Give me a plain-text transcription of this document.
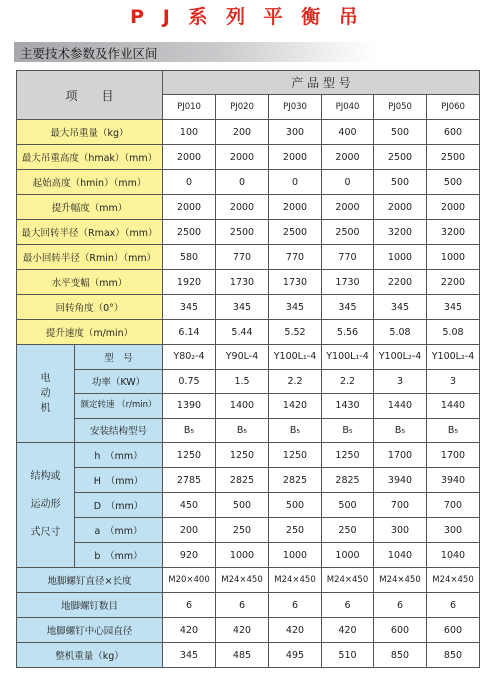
P J 系 列 平 衡 吊
主要技术参数及作业区间
项　　目		产 品 型 号					
		PJ010	PJ020	PJ030	PJ040	PJ050	PJ060
最大吊重量（kg）		100	200	300	400	500	600
最大吊重高度（hmak）（mm）		2000	2000	2000	2000	2500	2500
起始高度（hmin）（mm）		0	0	0	0	500	500
提升幅度（mm）		2000	2000	2000	2000	2000	2000
最大回转半径（Rmax）（mm）		2500	2500	2500	2500	3200	3200
最小回转半径（Rmin）（mm）		580	770	770	770	1000	1000
水平变幅（mm）		1920	1730	1730	1730	2200	2200
回转角度（0°）		345	345	345	345	345	345
提升速度（m/min）		6.14	5.44	5.52	5.56	5.08	5.08

电
动
机	型　号	Y80₂-4	Y90L-4	Y100L₁-4	Y100L₁-4	Y100L₂-4	Y100L₂-4
	功率（KW）	0.75	1.5	2.2	2.2	3	3
	额定转速 （r/min）	1390	1400	1420	1430	1440	1440
	安装结构型号	B₅	B₅	B₅	B₅	B₅	B₅

结构或
运动形
式尺寸	h　（mm）	1250	1250	1250	1250	1700	1700
	H　（mm）	2785	2825	2825	2825	3940	3940
	D　（mm）	450	500	500	500	700	700
	a　（mm）	200	250	250	250	300	300
	b　（mm）	920	1000	1000	1000	1040	1040
地脚螺钉直径×长度		M20×400	M24×450	M24×450	M24×450	M24×450	M24×450
地脚螺钉数目		6	6	6	6	6	6
地脚螺钉中心园直径		420	420	420	420	600	600
整机重量（kg）		345	485	495	510	850	850
